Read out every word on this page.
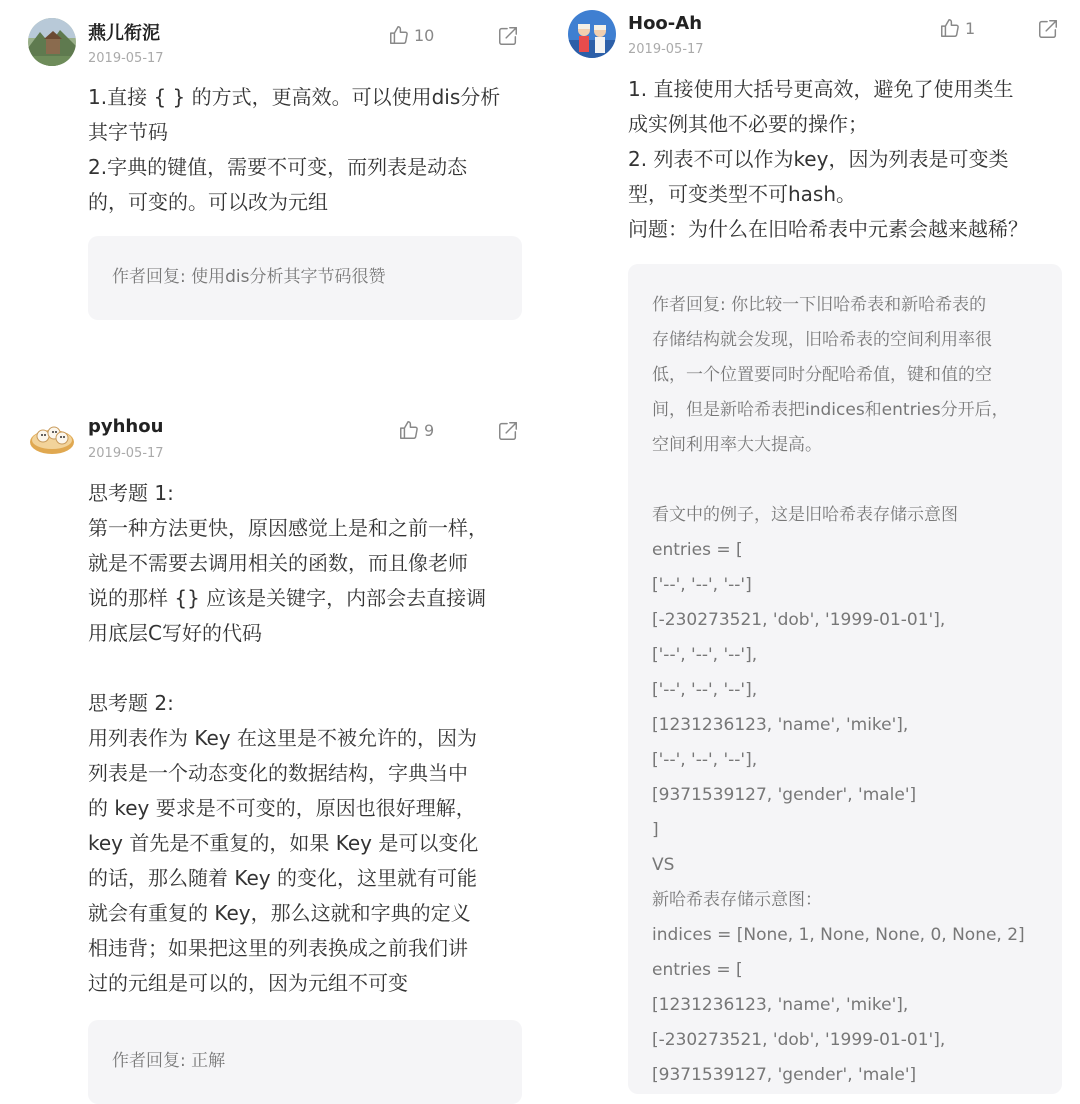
燕儿衔泥
2019-05-17
10

1.直接 { } 的方式，更高效。可以使用dis分析

其字节码

2.字典的键值，需要不可变，而列表是动态

的，可变的。可以改为元组

作者回复: 使用dis分析其字节码很赞

pyhhou
2019-05-17
9

思考题 1:

第一种方法更快，原因感觉上是和之前一样，

就是不需要去调用相关的函数，而且像老师

说的那样 {} 应该是关键字，内部会去直接调

用底层C写好的代码

思考题 2:

用列表作为 Key 在这里是不被允许的，因为

列表是一个动态变化的数据结构，字典当中

的 key 要求是不可变的，原因也很好理解，

key 首先是不重复的，如果 Key 是可以变化

的话，那么随着 Key 的变化，这里就有可能

就会有重复的 Key，那么这就和字典的定义

相违背；如果把这里的列表换成之前我们讲

过的元组是可以的，因为元组不可变

作者回复: 正解

Hoo-Ah
2019-05-17
1

1. 直接使用大括号更高效，避免了使用类生

成实例其他不必要的操作；

2. 列表不可以作为key，因为列表是可变类

型，可变类型不可hash。

问题：为什么在旧哈希表中元素会越来越稀？

作者回复: 你比较一下旧哈希表和新哈希表的

存储结构就会发现，旧哈希表的空间利用率很

低，一个位置要同时分配哈希值，键和值的空

间，但是新哈希表把indices和entries分开后，

空间利用率大大提高。

看文中的例子，这是旧哈希表存储示意图

entries = [

['--', '--', '--']

[-230273521, 'dob', '1999-01-01'],

['--', '--', '--'],

['--', '--', '--'],

[1231236123, 'name', 'mike'],

['--', '--', '--'],

[9371539127, 'gender', 'male']

]

VS

新哈希表存储示意图：

indices = [None, 1, None, None, 0, None, 2]

entries = [

[1231236123, 'name', 'mike'],

[-230273521, 'dob', '1999-01-01'],

[9371539127, 'gender', 'male']
